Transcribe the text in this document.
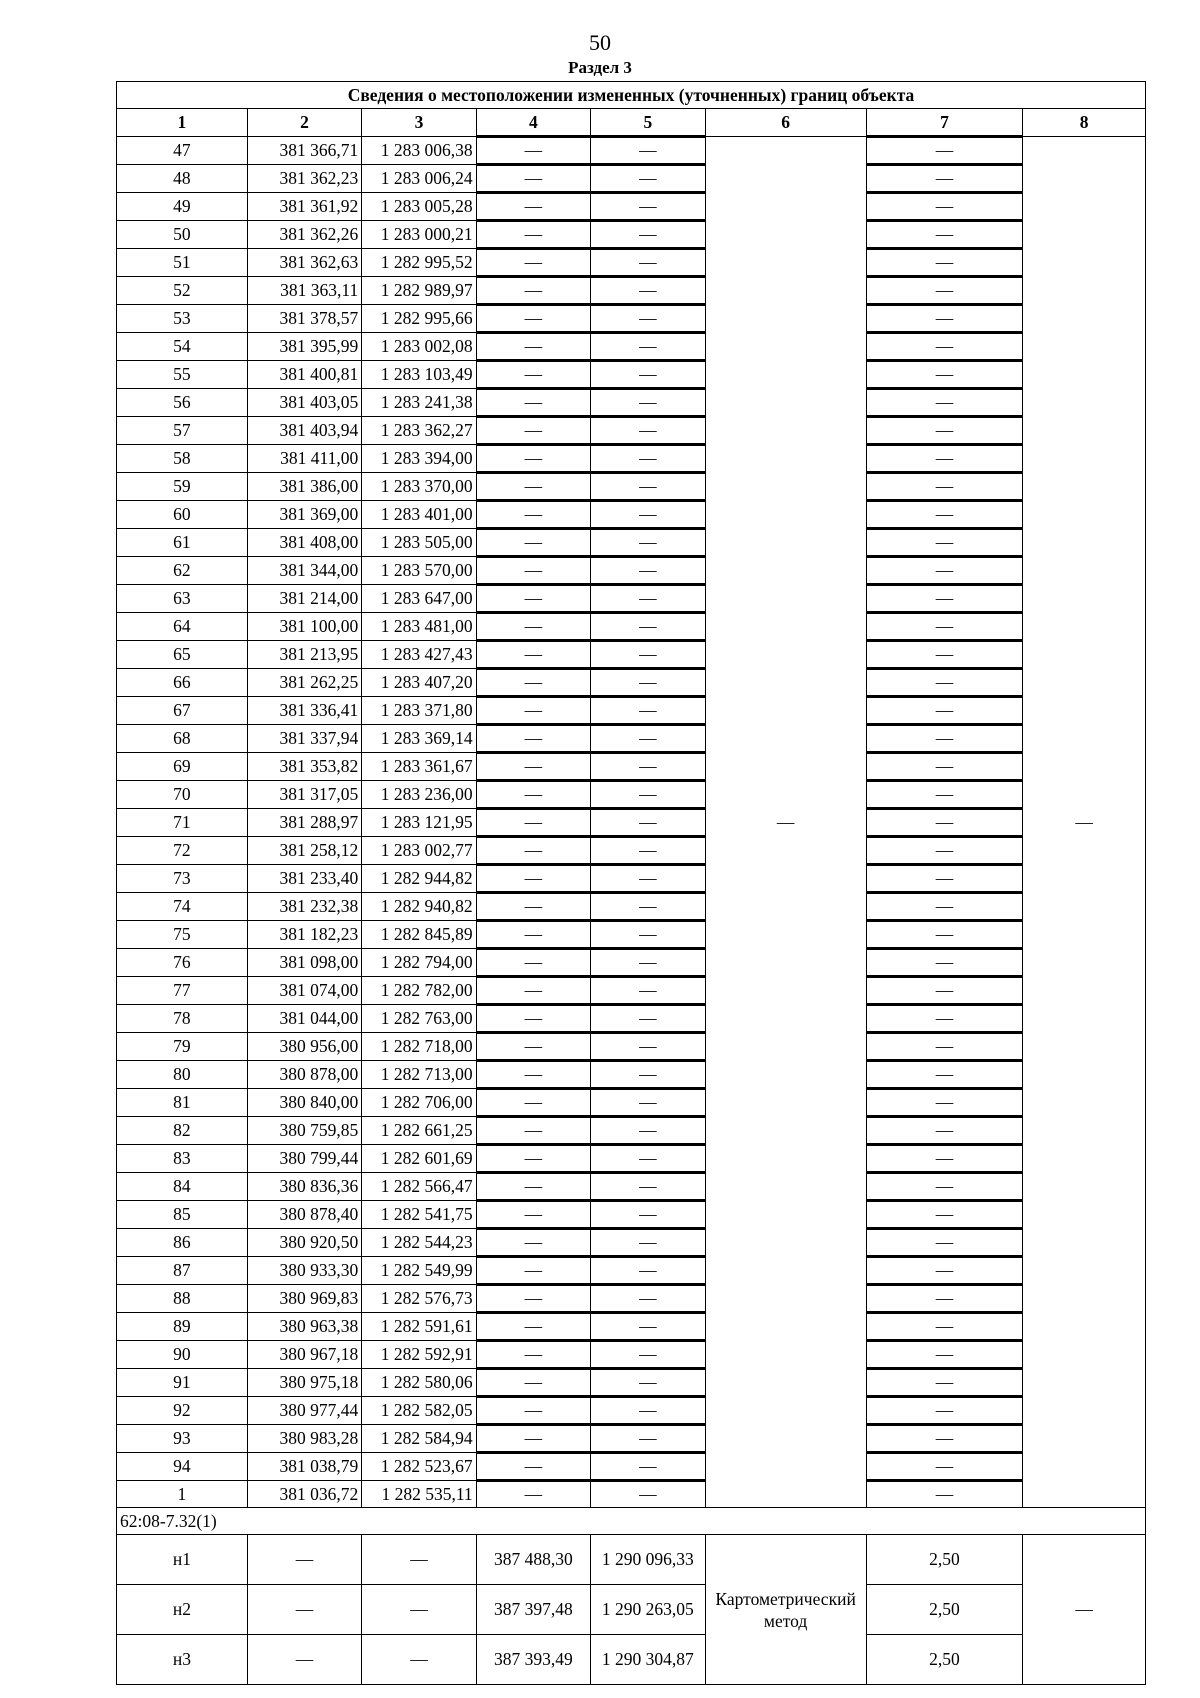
50
Раздел 3
Сведения о местоположении измененных (уточненных) границ объекта							
1	2	3	4	5	6	7	8
47	381 366,71	1 283 006,38	—	—	—	—	—
48	381 362,23	1 283 006,24	—	—		—	
49	381 361,92	1 283 005,28	—	—		—	
50	381 362,26	1 283 000,21	—	—		—	
51	381 362,63	1 282 995,52	—	—		—	
52	381 363,11	1 282 989,97	—	—		—	
53	381 378,57	1 282 995,66	—	—		—	
54	381 395,99	1 283 002,08	—	—		—	
55	381 400,81	1 283 103,49	—	—		—	
56	381 403,05	1 283 241,38	—	—		—	
57	381 403,94	1 283 362,27	—	—		—	
58	381 411,00	1 283 394,00	—	—		—	
59	381 386,00	1 283 370,00	—	—		—	
60	381 369,00	1 283 401,00	—	—		—	
61	381 408,00	1 283 505,00	—	—		—	
62	381 344,00	1 283 570,00	—	—		—	
63	381 214,00	1 283 647,00	—	—		—	
64	381 100,00	1 283 481,00	—	—		—	
65	381 213,95	1 283 427,43	—	—		—	
66	381 262,25	1 283 407,20	—	—		—	
67	381 336,41	1 283 371,80	—	—		—	
68	381 337,94	1 283 369,14	—	—		—	
69	381 353,82	1 283 361,67	—	—		—	
70	381 317,05	1 283 236,00	—	—		—	
71	381 288,97	1 283 121,95	—	—		—	
72	381 258,12	1 283 002,77	—	—		—	
73	381 233,40	1 282 944,82	—	—		—	
74	381 232,38	1 282 940,82	—	—		—	
75	381 182,23	1 282 845,89	—	—		—	
76	381 098,00	1 282 794,00	—	—		—	
77	381 074,00	1 282 782,00	—	—		—	
78	381 044,00	1 282 763,00	—	—		—	
79	380 956,00	1 282 718,00	—	—		—	
80	380 878,00	1 282 713,00	—	—		—	
81	380 840,00	1 282 706,00	—	—		—	
82	380 759,85	1 282 661,25	—	—		—	
83	380 799,44	1 282 601,69	—	—		—	
84	380 836,36	1 282 566,47	—	—		—	
85	380 878,40	1 282 541,75	—	—		—	
86	380 920,50	1 282 544,23	—	—		—	
87	380 933,30	1 282 549,99	—	—		—	
88	380 969,83	1 282 576,73	—	—		—	
89	380 963,38	1 282 591,61	—	—		—	
90	380 967,18	1 282 592,91	—	—		—	
91	380 975,18	1 282 580,06	—	—		—	
92	380 977,44	1 282 582,05	—	—		—	
93	380 983,28	1 282 584,94	—	—		—	
94	381 038,79	1 282 523,67	—	—		—	
1	381 036,72	1 282 535,11	—	—		—	
62:08-7.32(1)							
н1	—	—	387 488,30	1 290 096,33	Картометрический метод	2,50	—
н2	—	—	387 397,48	1 290 263,05		2,50	
н3	—	—	387 393,49	1 290 304,87		2,50	
